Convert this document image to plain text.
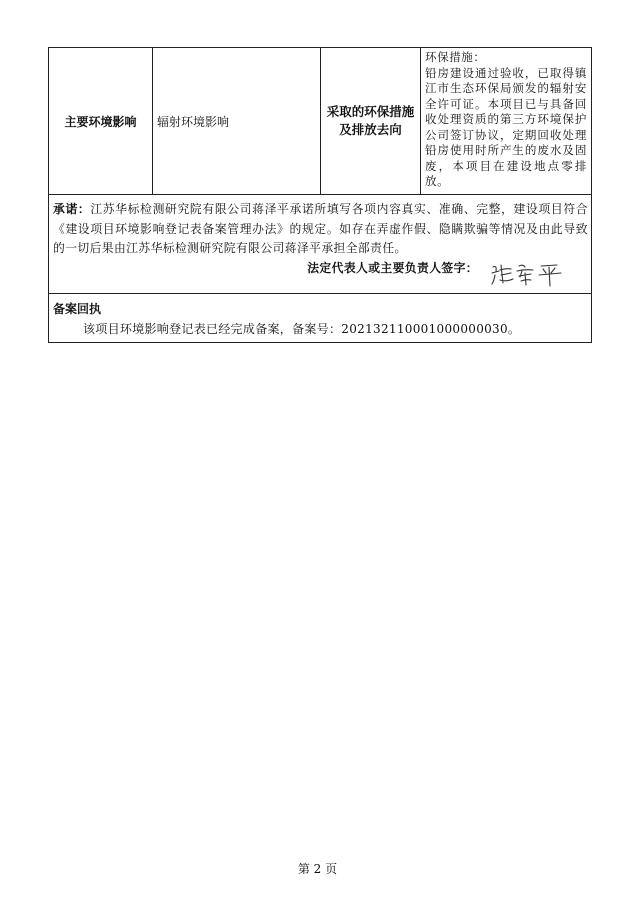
主要环境影响	辐射环境影响	采取的环保措施及排放去向	环保措施：
铅房建设通过验收，已取得镇江市生态环保局颁发的辐射安全许可证。本项目已与具备回收处理资质的第三方环境保护公司签订协议，定期回收处理铅房使用时所产生的废水及固废，本项目在建设地点零排放。

承诺：江苏华标检测研究院有限公司蒋泽平承诺所填写各项内容真实、准确、完整，建设项目符合《建设项目环境影响登记表备案管理办法》的规定。如存在弄虚作假、隐瞒欺骗等情况及由此导致的一切后果由江苏华标检测研究院有限公司蒋泽平承担全部责任。
法定代表人或主要负责人签字：

备案回执
该项目环境影响登记表已经完成备案，备案号：202132110001000000030。
第 2 页
